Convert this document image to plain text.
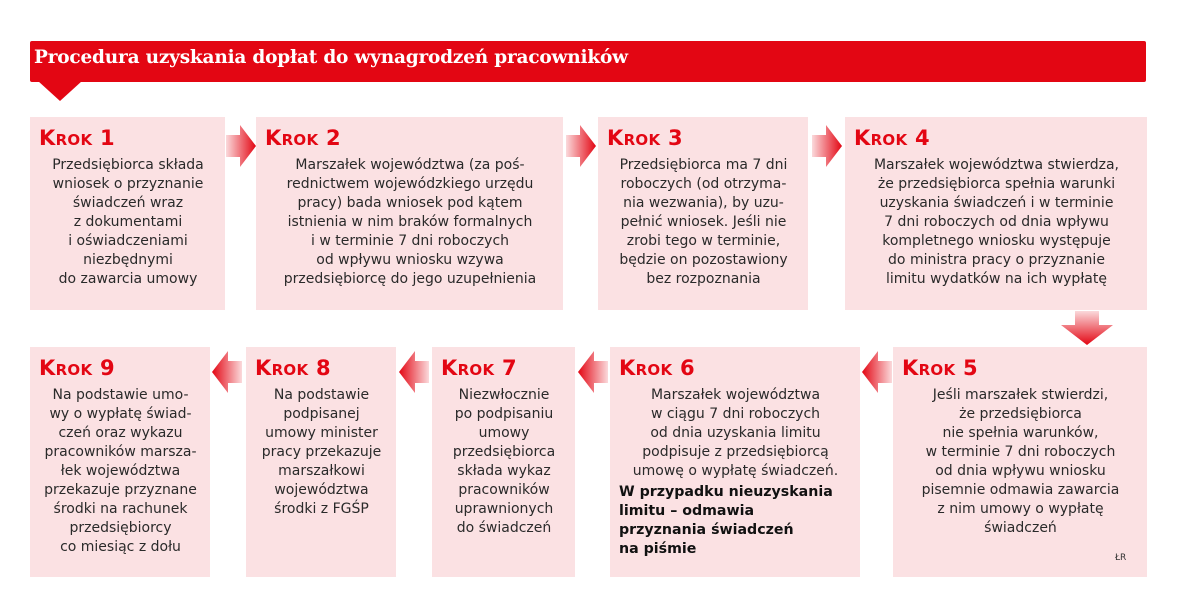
Procedura uzyskania dopłat do wynagrodzeń pracowników
Krok 1
Przedsiębiorca składa
wniosek o przyznanie
świadczeń wraz
z dokumentami
i oświadczeniami
niezbędnymi
do zawarcia umowy
Krok 2
Marszałek województwa (za poś-
rednictwem wojewódzkiego urzędu
pracy) bada wniosek pod kątem
istnienia w nim braków formalnych
i w terminie 7 dni roboczych
od wpływu wniosku wzywa
przedsiębiorcę do jego uzupełnienia
Krok 3
Przedsiębiorca ma 7 dni
roboczych (od otrzyma-
nia wezwania), by uzu-
pełnić wniosek. Jeśli nie
zrobi tego w terminie,
będzie on pozostawiony
bez rozpoznania
Krok 4
Marszałek województwa stwierdza,
że przedsiębiorca spełnia warunki
uzyskania świadczeń i w terminie
7 dni roboczych od dnia wpływu
kompletnego wniosku występuje
do ministra pracy o przyznanie
limitu wydatków na ich wypłatę
Krok 9
Na podstawie umo-
wy o wypłatę świad-
czeń oraz wykazu
pracowników marsza-
łek województwa
przekazuje przyznane
środki na rachunek
przedsiębiorcy
co miesiąc z dołu
Krok 8
Na podstawie
podpisanej
umowy minister
pracy przekazuje
marszałkowi
województwa
środki z FGŚP
Krok 7
Niezwłocznie
po podpisaniu
umowy
przedsiębiorca
składa wykaz
pracowników
uprawnionych
do świadczeń
Krok 6
Marszałek województwa
w ciągu 7 dni roboczych
od dnia uzyskania limitu
podpisuje z przedsiębiorcą
umowę o wypłatę świadczeń.
W przypadku nieuzyskania
limitu – odmawia
przyznania świadczeń
na piśmie
Krok 5
Jeśli marszałek stwierdzi,
że przedsiębiorca
nie spełnia warunków,
w terminie 7 dni roboczych
od dnia wpływu wniosku
pisemnie odmawia zawarcia
z nim umowy o wypłatę
świadczeń
ŁR
